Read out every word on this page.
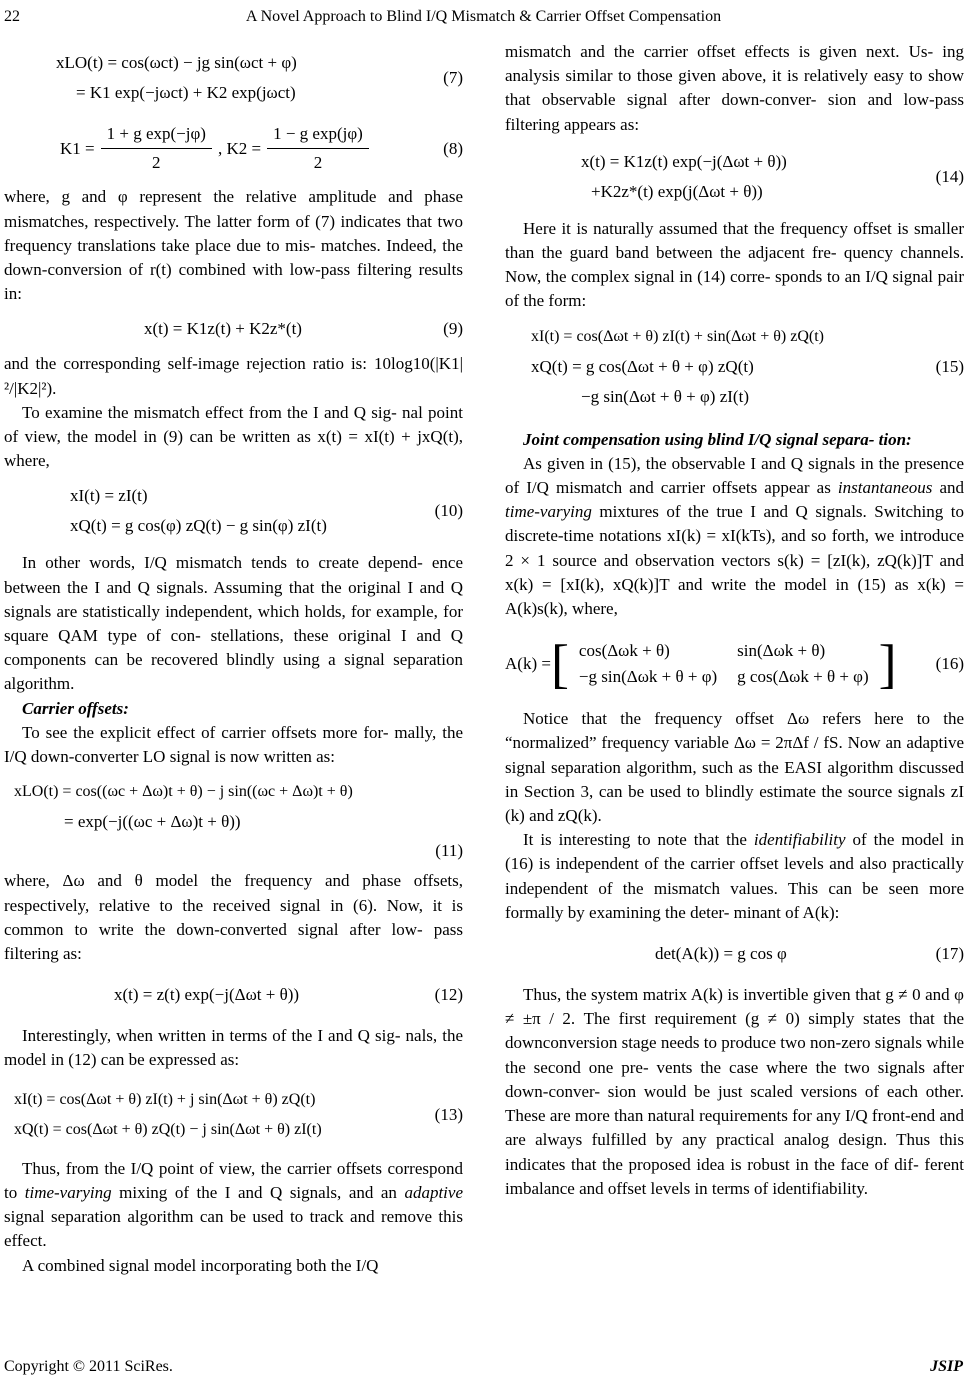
22	A Novel Approach to Blind I/Q Mismatch & Carrier Offset Compensation
xLO(t) = cos(ωct) − jg sin(ωct + φ)
= K1 exp(−jωct) + K2 exp(jωct)
(7)
$K1 = \frac{\text{1 + g exp(−jφ)}}{2}$ , $K2 = \frac{\text{1 − g exp(jφ)}}{2}$	(8)

where, g and φ represent the relative amplitude and phase mismatches, respectively. The latter form of (7) indicates that two frequency translations take place due to mis- matches. Indeed, the down-conversion of r(t) combined with low-pass filtering results in:

x(t) = K1z(t) + K2z*(t)	(9)

and the corresponding self-image rejection ratio is: 10log10(|K1|²/|K2|²).

To examine the mismatch effect from the I and Q sig- nal point of view, the model in (9) can be written as x(t) = xI(t) + jxQ(t), where,

xI(t) = zI(t)
xQ(t) = g cos(φ) zQ(t) − g sin(φ) zI(t)
(10)

In other words, I/Q mismatch tends to create depend- ence between the I and Q signals. Assuming that the original I and Q signals are statistically independent, which holds, for example, for square QAM type of con- stellations, these original I and Q components can be recovered blindly using a signal separation algorithm.

Carrier offsets:

To see the explicit effect of carrier offsets more for- mally, the I/Q down-converter LO signal is now written as:

xLO(t) = cos((ωc + Δω)t + θ) − j sin((ωc + Δω)t + θ)
= exp(−j((ωc + Δω)t + θ))
(11)

where, Δω and θ model the frequency and phase offsets, respectively, relative to the received signal in (6). Now, it is common to write the down-converted signal after low- pass filtering as:

x(t) = z(t) exp(−j(Δωt + θ))	(12)

Interestingly, when written in terms of the I and Q sig- nals, the model in (12) can be expressed as:

xI(t) = cos(Δωt + θ) zI(t) + j sin(Δωt + θ) zQ(t)
xQ(t) = cos(Δωt + θ) zQ(t) − j sin(Δωt + θ) zI(t)
(13)

Thus, from the I/Q point of view, the carrier offsets correspond to time-varying mixing of the I and Q signals, and an adaptive signal separation algorithm can be used to track and remove this effect.

A combined signal model incorporating both the I/Q

mismatch and the carrier offset effects is given next. Us- ing analysis similar to those given above, it is relatively easy to show that observable signal after down-conver- sion and low-pass filtering appears as:

x(t) = K1z(t) exp(−j(Δωt + θ))
+K2z*(t) exp(j(Δωt + θ))
(14)

Here it is naturally assumed that the frequency offset is smaller than the guard band between the adjacent fre- quency channels. Now, the complex signal in (14) corre- sponds to an I/Q signal pair of the form:

xI(t) = cos(Δωt + θ) zI(t) + sin(Δωt + θ) zQ(t)
xQ(t) = g cos(Δωt + θ + φ) zQ(t)
−g sin(Δωt + θ + φ) zI(t)
(15)

Joint compensation using blind I/Q signal separa- tion:

As given in (15), the observable I and Q signals in the presence of I/Q mismatch and carrier offsets appear as instantaneous and time-varying mixtures of the true I and Q signals. Switching to discrete-time notations xI(k) = xI(kTs), and so forth, we introduce 2 × 1 source and observation vectors s(k) = [zI(k), zQ(k)]T and x(k) = [xI(k), xQ(k)]T and write the model in (15) as x(k) = A(k)s(k), where,

A(k) = [ cos(Δωk + θ)	sin(Δωk + θ)
−g sin(Δωk + θ + φ)	g cos(Δωk + θ + φ) ]	(16)

Notice that the frequency offset Δω refers here to the “normalized” frequency variable Δω = 2πΔf / fS. Now an adaptive signal separation algorithm, such as the EASI algorithm discussed in Section 3, can be used to blindly estimate the source signals zI (k) and zQ(k).

It is interesting to note that the identifiability of the model in (16) is independent of the carrier offset levels and also practically independent of the mismatch values. This can be seen more formally by examining the deter- minant of A(k):

det(A(k)) = g cos φ	(17)

Thus, the system matrix A(k) is invertible given that g ≠ 0 and φ ≠ ±π / 2. The first requirement (g ≠ 0) simply states that the downconversion stage needs to produce two non-zero signals while the second one pre- vents the case where the two signals after down-conver- sion would be just scaled versions of each other. These are more than natural requirements for any I/Q front-end and are always fulfilled by any practical analog design. Thus this indicates that the proposed idea is robust in the face of dif- ferent imbalance and offset levels in terms of identifiability.

Copyright © 2011 SciRes.	JSIP
